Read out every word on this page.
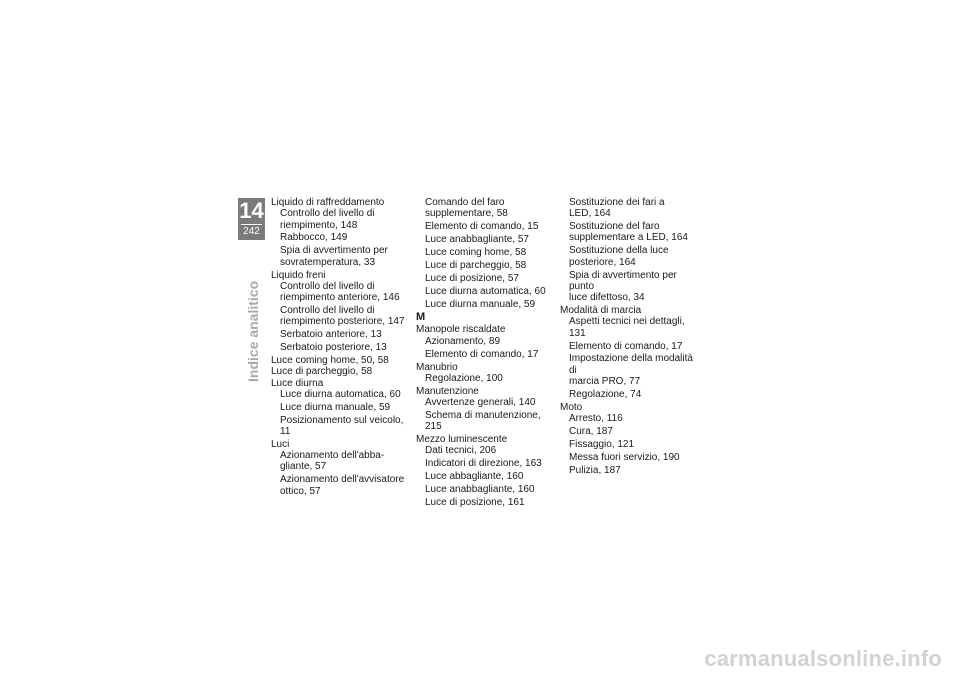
14
242
Indice analitico
Liquido di raffreddamento
Controllo del livello di
riempimento, 148
Rabbocco, 149
Spia di avvertimento per
sovratemperatura, 33
Liquido freni
Controllo del livello di
riempimento anteriore, 146
Controllo del livello di
riempimento posteriore, 147
Serbatoio anteriore, 13
Serbatoio posteriore, 13
Luce coming home, 50, 58
Luce di parcheggio, 58
Luce diurna
Luce diurna automatica, 60
Luce diurna manuale, 59
Posizionamento sul veicolo, 11
Luci
Azionamento dell'abba-
gliante, 57
Azionamento dell'avvisatore
ottico, 57
Comando del faro
supplementare, 58
Elemento di comando, 15
Luce anabbagliante, 57
Luce coming home, 58
Luce di parcheggio, 58
Luce di posizione, 57
Luce diurna automatica, 60
Luce diurna manuale, 59
M
Manopole riscaldate
Azionamento, 89
Elemento di comando, 17
Manubrio
Regolazione, 100
Manutenzione
Avvertenze generali, 140
Schema di manutenzione, 215
Mezzo luminescente
Dati tecnici, 206
Indicatori di direzione, 163
Luce abbagliante, 160
Luce anabbagliante, 160
Luce di posizione, 161
Sostituzione dei fari a
LED, 164
Sostituzione del faro
supplementare a LED, 164
Sostituzione della luce
posteriore, 164
Spia di avvertimento per punto
luce difettoso, 34
Modalità di marcia
Aspetti tecnici nei dettagli, 131
Elemento di comando, 17
Impostazione della modalità di
marcia PRO, 77
Regolazione, 74
Moto
Arresto, 116
Cura, 187
Fissaggio, 121
Messa fuori servizio, 190
Pulizia, 187
carmanualsonline.info
